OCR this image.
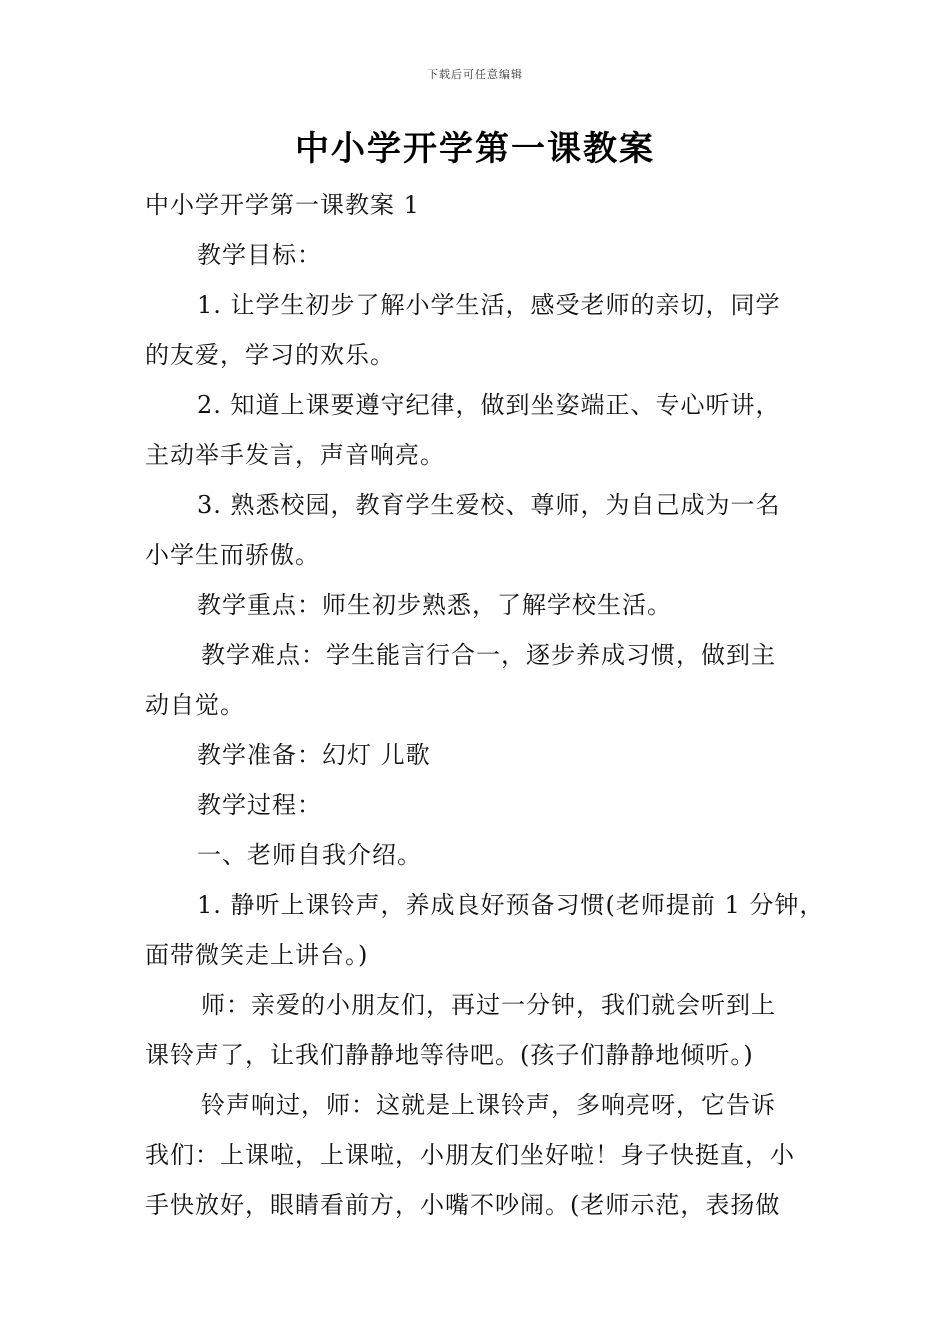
下载后可任意编辑
中小学开学第一课教案
中小学开学第一课教案 1
教学目标：
1. 让学生初步了解小学生活，感受老师的亲切，同学
的友爱，学习的欢乐。
2. 知道上课要遵守纪律，做到坐姿端正、专心听讲，
主动举手发言，声音响亮。
3. 熟悉校园，教育学生爱校、尊师，为自己成为一名
小学生而骄傲。
教学重点：师生初步熟悉，了解学校生活。
教学难点：学生能言行合一，逐步养成习惯，做到主
动自觉。
教学准备：幻灯 儿歌
教学过程：
一、老师自我介绍。
1. 静听上课铃声，养成良好预备习惯(老师提前 1 分钟，
面带微笑走上讲台。)
师：亲爱的小朋友们，再过一分钟，我们就会听到上
课铃声了，让我们静静地等待吧。(孩子们静静地倾听。)
铃声响过，师：这就是上课铃声，多响亮呀，它告诉
我们：上课啦，上课啦，小朋友们坐好啦！身子快挺直，小
手快放好，眼睛看前方，小嘴不吵闹。(老师示范，表扬做
